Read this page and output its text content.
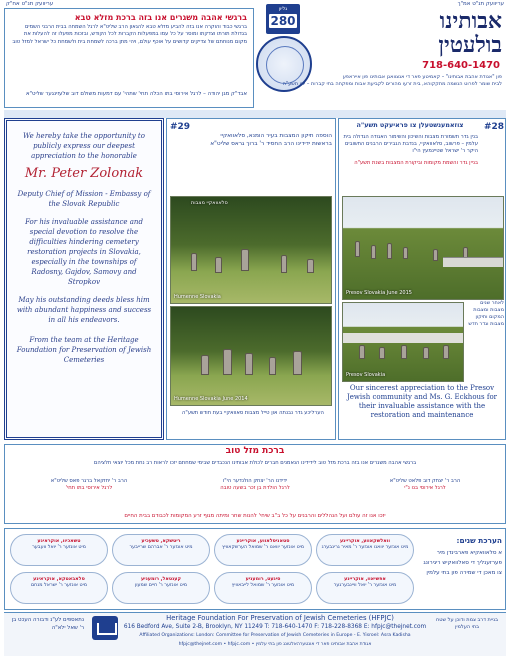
עריוועק תנ"ט אח"ק	עריוועק תנ"ט אמ"ך
ברגשי אהבה משגרים אנו בזה ברכת מזלא טבא
ברגשי כבוד והוקרה אנו בזה להביע מזלא טבא להגאון הרב שליט"א לרגל השמחה בבית הרבני השמים בגדולת תורתו וצדקתו ומוסר על כל עמו במפעלות הקברות לכל הקודש, ובזכות מפעלו זה להעלות את מקום מנוחתם של צדיקים קדושים על אוכף עולם, ויהי מתן ברכה לשמחת בית ולשמחת כל ישראל למזל טוב
אבד"ק מגן יהודה – לרגל אירוסי בתו הכלה תחי' שתהי' עם דמעות משולם דוב שלעזינגער שליט"א
גליון
280	אבותינו
בולעטין
718-640-1470
פון "אגודת אהבת אבותינו" – קאמיטע פאר די אנצוואגן אבותינו פון אייראפע
לבית שומר לפרוט הנשמה מתקקוהא, בית זרעו מהורים לקביעת אבות ומפקחה בתי קברות – יוני תשע"ה
We hereby take the opportunity to publicly express our deepest appreciation to the honorable
Mr. Peter Zolonak
Deputy Chief of Mission - Embassy of the Slovak Republic
For his invaluable assistance and special devotion to resolve the difficulties hindering cemetery restoration projects in Slovakia, especially in the townships of Radosny, Gajdov, Samovy and Stropkov
May his outstanding deeds bless him with abundant happiness and success in all his endeavors.
From the team at the Heritage Foundation for Preservation of Jewish Cemeteries
#29
הוספה תיקון המצבות בעיר הומנא, סלאוואקיי
בראשות ידידינו הרב החסיד ר' ברוך גראס שליט"א
סלאוואקיי מצבות
Humenne Slovakia
Humenne Slovakia June 2014
הערליכע גדר נבנתה און טייל מצבות סאוואקיי בעת חודש תשע"ה
צוזאמענשטעלן צו פראיעקט תשע"ה	#28
בנין גדר תשמורת מצבות והשיכון והשימור האגודה הגדולה בית עלמין – פרשוב, סלאוואקיי, בנדבת הגבירים הרבנים החשובים היקר ר' ישראל שטיינמעץ הי"ו
בניין גדר והשמת מקומות וביקורת המצבות בשנת תשע"ה
Presov Slovakia June 2015
Presov Slovakia
לאחר שנים מצבות ומצבות המקום ותיקון מצבות וגדר חדש
Our sincerest appreciation to the Presov Jewish community and Ms. G. Eckhous for their invaluable assistance with the restoration and maintenance
ברכת מזל טוב
ברגשי אהבה משגרים אנו בזה ברכת מזל טוב לידידינו הנאמנים חברים לכולת אבותינו הנכבדים שבימי שמחתם יזכו לראות רב נחת מכל יוצאי חלציהם
הרב ר' יצחק דוב פלאט שליט"א
לרגל אירוסי בנו נ"י
ידידנו הר' יצחק הולנדער הי"ו
לרגל הולדת בן זכר בשעה טובה
הרב ר' יחזקאל ברגר פאס שליט"א
לרגל אירוסי בתו תחי'
יזכו אנו זה עולם ועל הנהללים והרבנים על כל ב"ב שיחי' להנות שחר ומיתה מגוף זרע המקומות לכבודם בבית החיים
הערכת שנים:
א סלאוואקיא פארבינדן מיר פערזענליך די סאלוואקיש ריגירונג צו מאכן די שמירה פון בתי עלמין
וואלשקאווע, אוקריינע
מיט אונזער יוואנו אונזער ר' מאיר גרינבערג
סטאניסלאווע, אוקריינע
מיט אונזער יוואנו ר' שמואל הערשקאוויץ
ריטשקא, טשעכיע
מיט אונזער ר' אברהם שרייבער
טשאכיוו, אוקראינע
מיט אונזער ר' יואל וועבער
אפשיאוו, אוקריינע
מיט אונזער ר' יואל וויינבערגער
סיגעט, רומעניע
מיט אונזער ר' שמואל לייבאוויץ
קענטאל, רומעניע
מיט אונזער ר' חיים שמעון
סלאבאטקא, אוקראינע
מיט אונזער ר' ישראל מנחם
נתאספים לע"נ ודבורה העכט בן ר' שאל ילא"ה
Heritage Foundation For Preservation of Jewish Cemeteries (HFPJC)
616 Bedford Ave, Suite 2-B, Brooklyn, NY 11249 T: 718-640-1470 F: 718-228-8368 E: hfpjc@thejnet.com
Affiliated Organizations: London: Committee for Preservation of Jewish Cemeteries in Europe - E. Yisroel: Asra Kadisha
hfpjc@thejnet.com • hfpjc.com • אגודת אהבת אבותינו פאר די אונטערהאלטונג פון בתי עלמין
בניית דרב צמת ודוכן על שטח בתי העלמין
